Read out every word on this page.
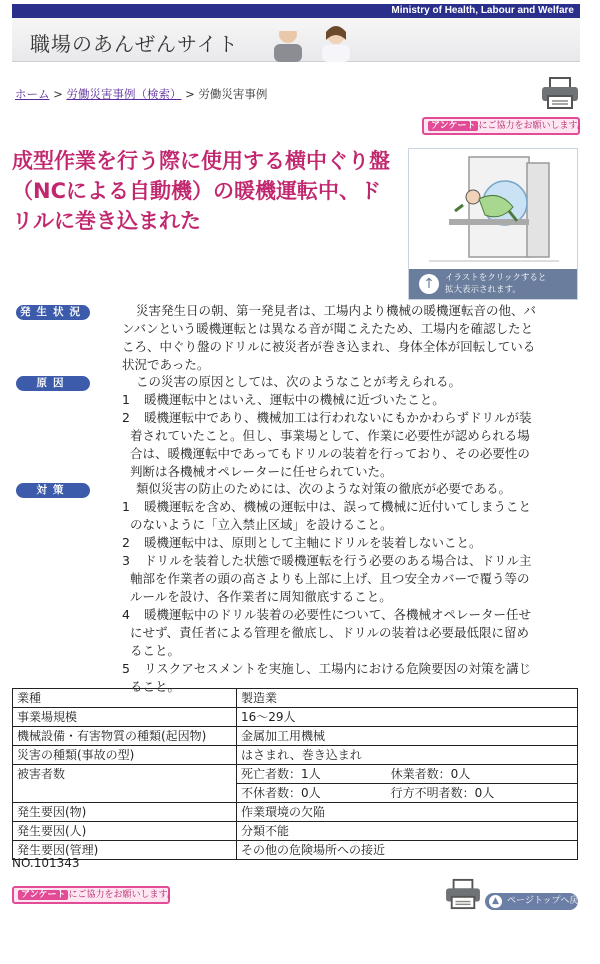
Ministry of Health, Labour and Welfare
職場のあんぜんサイト
ホーム > 労働災害事例（検索） > 労働災害事例
アンケート にご協力をお願いします。
成型作業を行う際に使用する横中ぐり盤（NCによる自動機）の暖機運転中、ドリルに巻き込まれた
↑	イラストをクリックすると
拡大表示されます。
発生状況	災害発生日の朝、第一発見者は、工場内より機械の暖機運転音の他、バ
ンバンという暖機運転とは異なる音が聞こえたため、工場内を確認したと
ころ、中ぐり盤のドリルに被災者が巻き込まれ、身体全体が回転している
状況であった。
原因	この災害の原因としては、次のようなことが考えられる。
1 暖機運転中とはいえ、運転中の機械に近づいたこと。
2 暖機運転中であり、機械加工は行われないにもかかわらずドリルが装
着されていたこと。但し、事業場として、作業に必要性が認められる場
合は、暖機運転中であってもドリルの装着を行っており、その必要性の
判断は各機械オペレーターに任せられていた。
対策	類似災害の防止のためには、次のような対策の徹底が必要である。
1 暖機運転を含め、機械の運転中は、誤って機械に近付いてしまうこと
のないように「立入禁止区域」を設けること。
2 暖機運転中は、原則として主軸にドリルを装着しないこと。
3 ドリルを装着した状態で暖機運転を行う必要のある場合は、ドリル主
軸部を作業者の頭の高さよりも上部に上げ、且つ安全カバーで覆う等の
ルールを設け、各作業者に周知徹底すること。
4 暖機運転中のドリル装着の必要性について、各機械オペレーター任せ
にせず、責任者による管理を徹底し、ドリルの装着は必要最低限に留め
ること。
5 リスクアセスメントを実施し、工場内における危険要因の対策を講じ
ること。
業種	製造業	
事業場規模	16〜29人	
機械設備・有害物質の種類(起因物)	金属加工用機械	
災害の種類(事故の型)	はさまれ、巻き込まれ	
被害者数	死亡者数：1人	休業者数：0人
	不休者数：0人	行方不明者数：0人
発生要因(物)	作業環境の欠陥	
発生要因(人)	分類不能	
発生要因(管理)	その他の危険場所への接近	
NO.101343
アンケート にご協力をお願いします。
▲ ページトップへ戻る
